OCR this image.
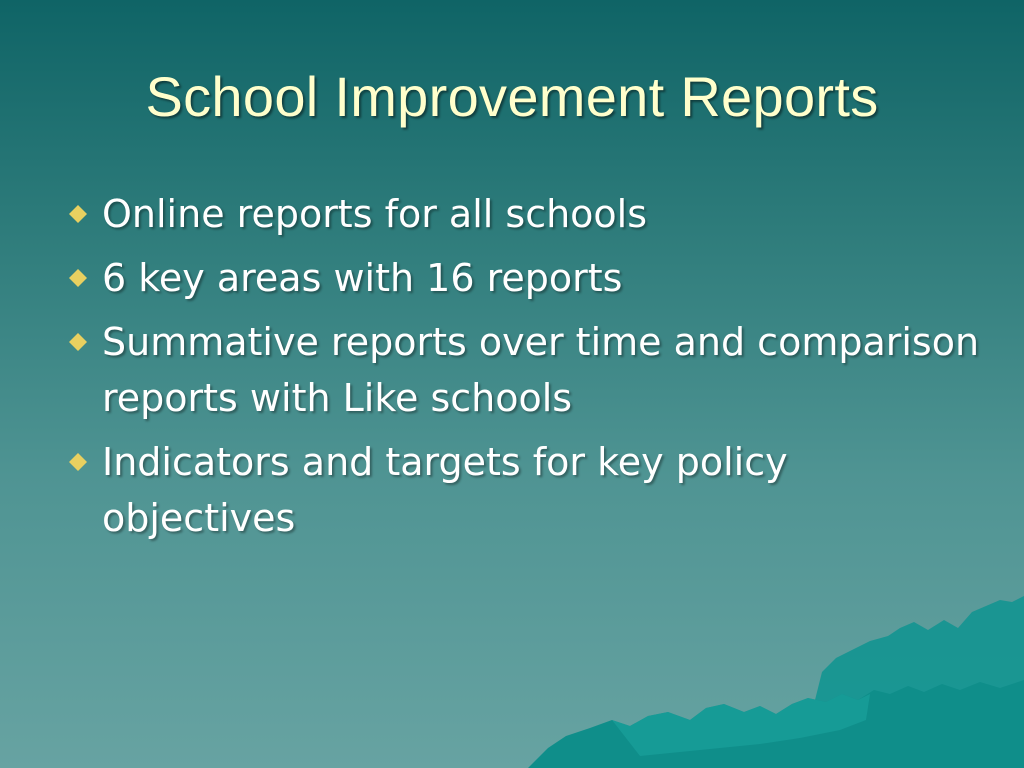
School Improvement Reports
Online reports for all schools
6 key areas with 16 reports
Summative reports over time and comparison reports with Like schools
Indicators and targets for key policy objectives
